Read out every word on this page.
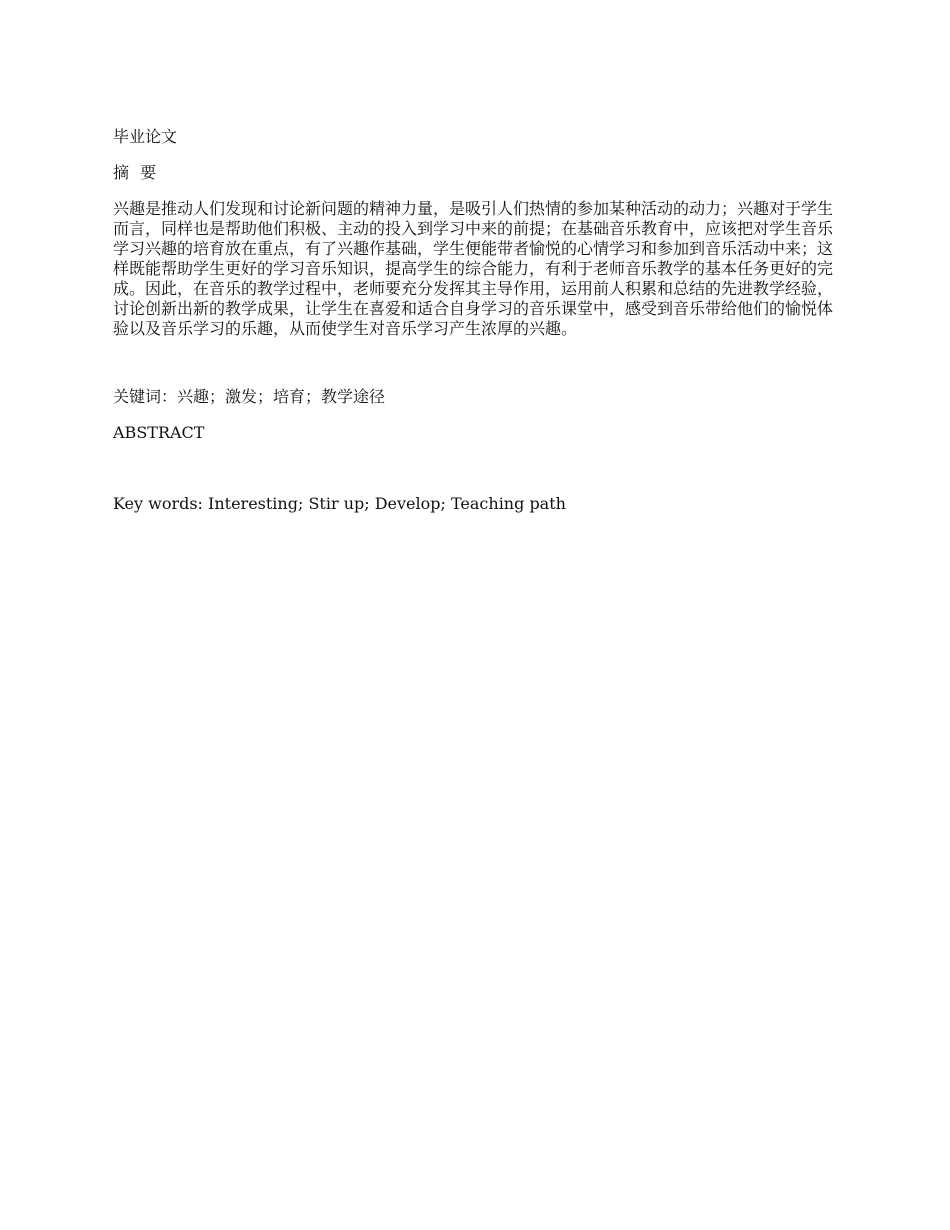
毕业论文
摘 要
兴趣是推动人们发现和讨论新问题的精神力量，是吸引人们热情的参加某种活动的动力；兴趣对于学生而言，同样也是帮助他们积极、主动的投入到学习中来的前提；在基础音乐教育中，应该把对学生音乐学习兴趣的培育放在重点，有了兴趣作基础，学生便能带者愉悦的心情学习和参加到音乐活动中来；这样既能帮助学生更好的学习音乐知识，提高学生的综合能力，有利于老师音乐教学的基本任务更好的完成。因此，在音乐的教学过程中，老师要充分发挥其主导作用，运用前人积累和总结的先进教学经验，讨论创新出新的教学成果，让学生在喜爱和适合自身学习的音乐课堂中，感受到音乐带给他们的愉悦体验以及音乐学习的乐趣，从而使学生对音乐学习产生浓厚的兴趣。
关键词：兴趣；激发；培育；教学途径
ABSTRACT
Key words: Interesting; Stir up; Develop; Teaching path
